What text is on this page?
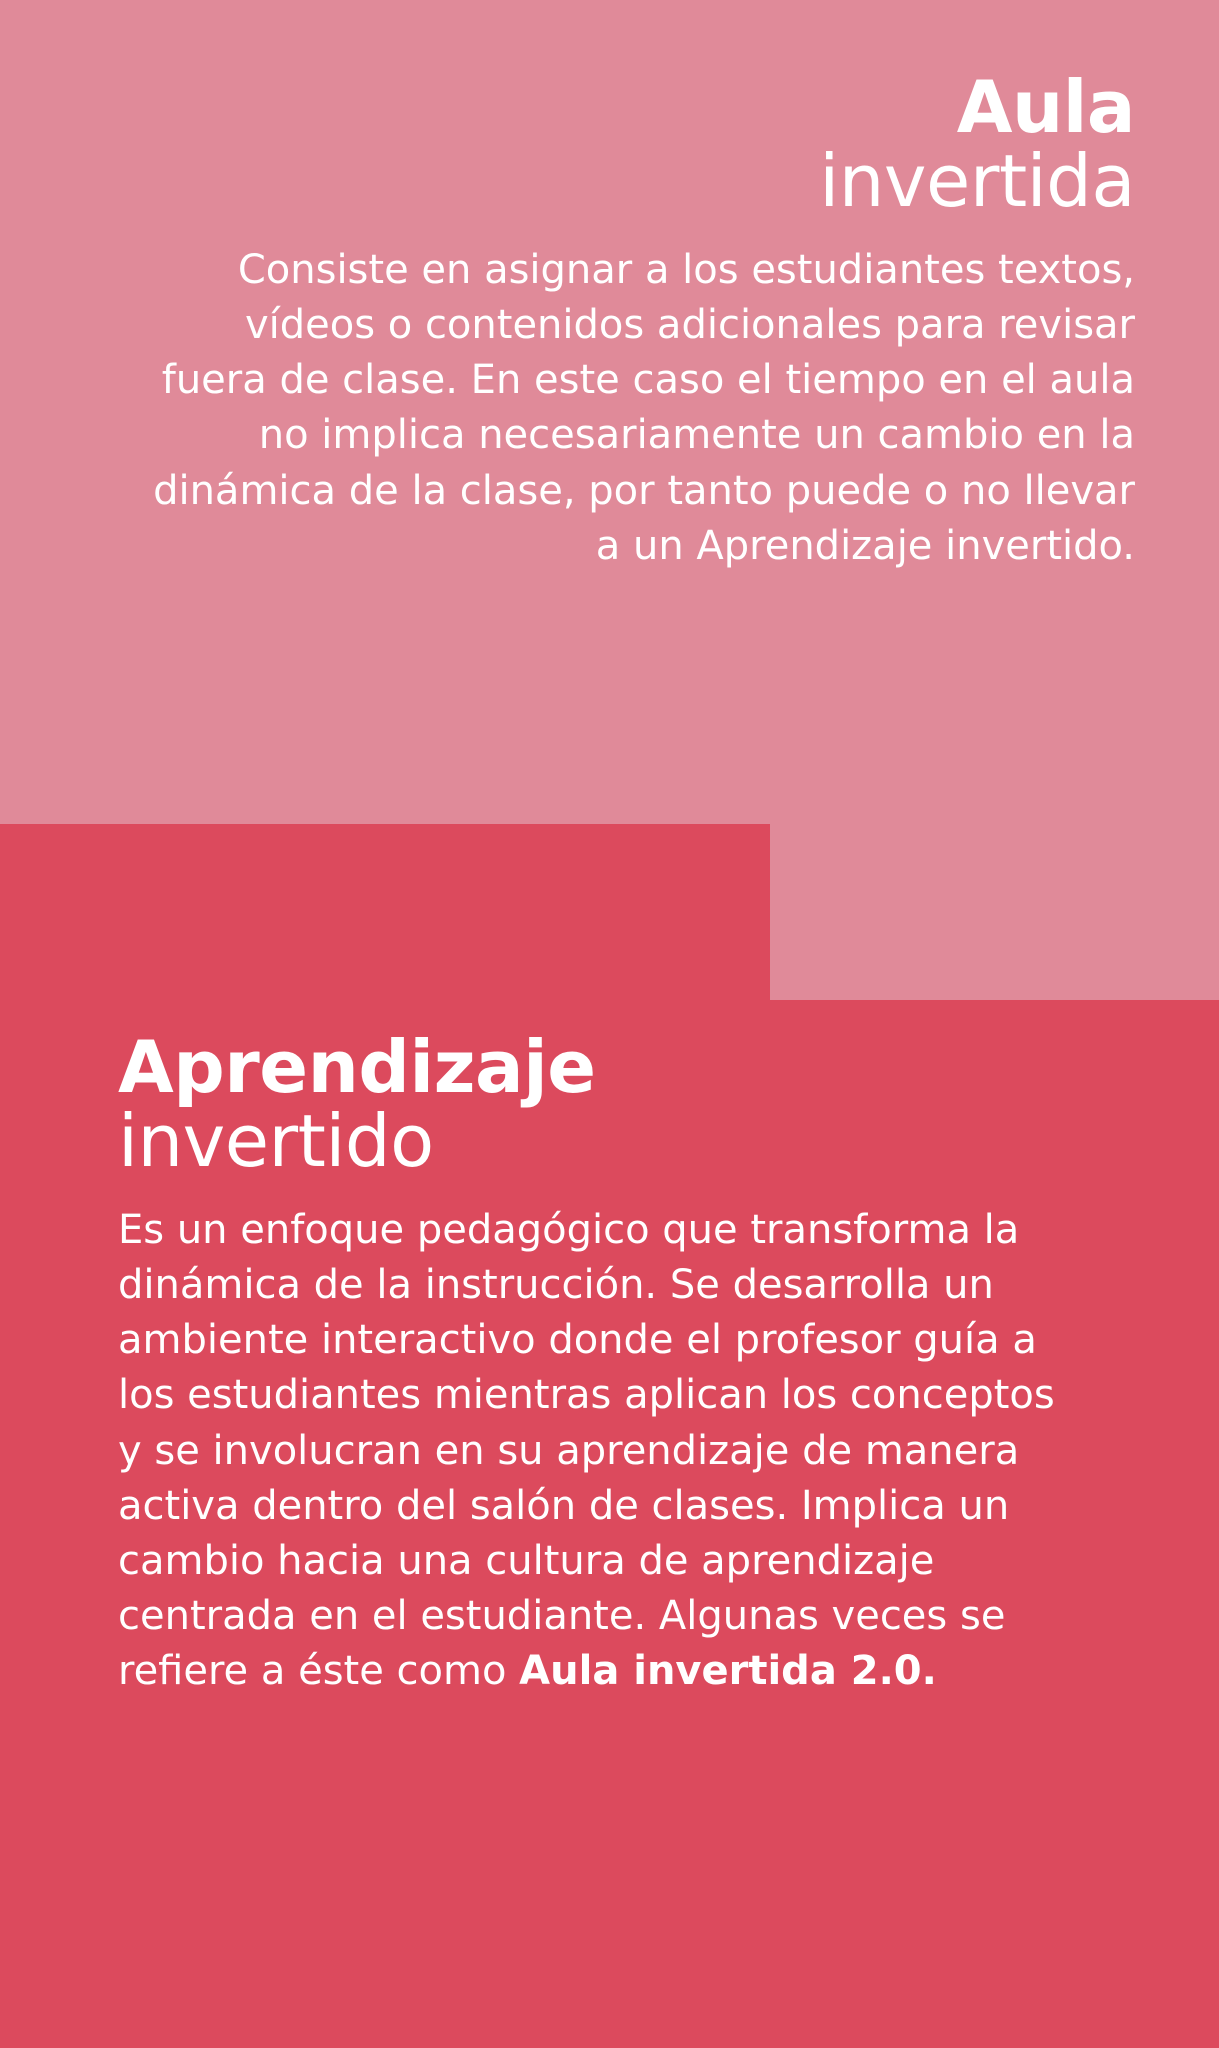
Aula
invertida
Consiste en asignar a los estudiantes textos, vídeos o contenidos adicionales para revisar fuera de clase. En este caso el tiempo en el aula no implica necesariamente un cambio en la dinámica de la clase, por tanto puede o no llevar a un Aprendizaje invertido.
Aprendizaje
invertido
Es un enfoque pedagógico que transforma la dinámica de la instrucción. Se desarrolla un ambiente interactivo donde el profesor guía a los estudiantes mientras aplican los conceptos y se involucran en su aprendizaje de manera activa dentro del salón de clases. Implica un cambio hacia una cultura de aprendizaje centrada en el estudiante. Algunas veces se refiere a éste como Aula invertida 2.0.
